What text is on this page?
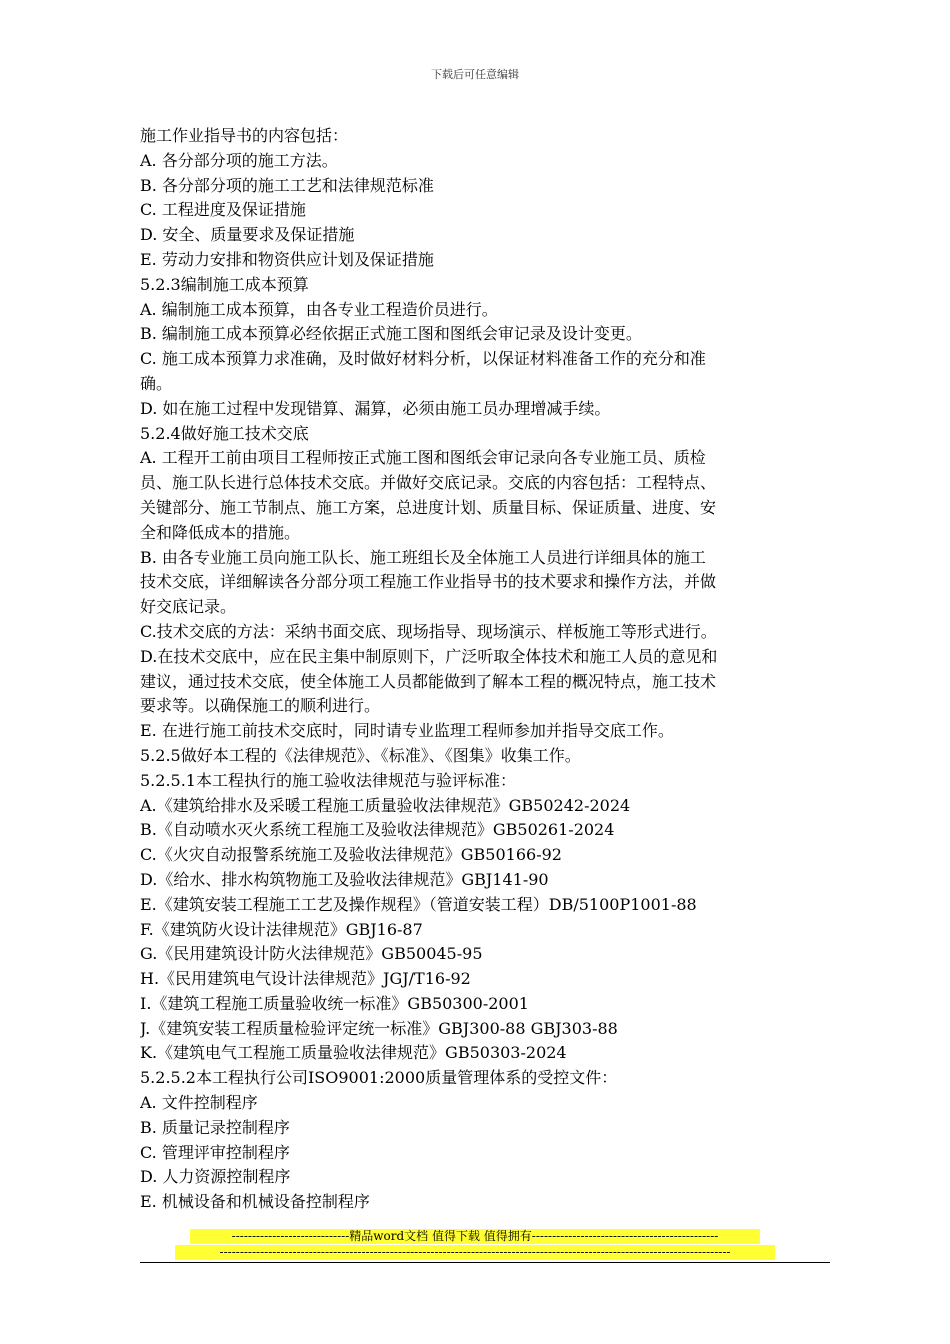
下载后可任意编辑
施工作业指导书的内容包括：
A. 各分部分项的施工方法。
B. 各分部分项的施工工艺和法律规范标准
C. 工程进度及保证措施
D. 安全、质量要求及保证措施
E. 劳动力安排和物资供应计划及保证措施
5.2.3编制施工成本预算
A. 编制施工成本预算，由各专业工程造价员进行。
B. 编制施工成本预算必经依据正式施工图和图纸会审记录及设计变更。
C. 施工成本预算力求准确，及时做好材料分析，以保证材料准备工作的充分和准
确。
D. 如在施工过程中发现错算、漏算，必须由施工员办理增减手续。
5.2.4做好施工技术交底
A. 工程开工前由项目工程师按正式施工图和图纸会审记录向各专业施工员、质检
员、施工队长进行总体技术交底。并做好交底记录。交底的内容包括：工程特点、
关键部分、施工节制点、施工方案，总进度计划、质量目标、保证质量、进度、安
全和降低成本的措施。
B. 由各专业施工员向施工队长、施工班组长及全体施工人员进行详细具体的施工
技术交底，详细解读各分部分项工程施工作业指导书的技术要求和操作方法，并做
好交底记录。
C.技术交底的方法：采纳书面交底、现场指导、现场演示、样板施工等形式进行。
D.在技术交底中，应在民主集中制原则下，广泛听取全体技术和施工人员的意见和
建议，通过技术交底，使全体施工人员都能做到了解本工程的概况特点，施工技术
要求等。以确保施工的顺利进行。
E. 在进行施工前技术交底时，同时请专业监理工程师参加并指导交底工作。
5.2.5做好本工程的《法律规范》、《标准》、《图集》收集工作。
5.2.5.1本工程执行的施工验收法律规范与验评标准：
A.《建筑给排水及采暖工程施工质量验收法律规范》GB50242-2024
B.《自动喷水灭火系统工程施工及验收法律规范》GB50261-2024
C.《火灾自动报警系统施工及验收法律规范》GB50166-92
D.《给水、排水构筑物施工及验收法律规范》GBJ141-90
E.《建筑安装工程施工工艺及操作规程》（管道安装工程）DB/5100P1001-88
F.《建筑防火设计法律规范》GBJ16-87
G.《民用建筑设计防火法律规范》GB50045-95
H.《民用建筑电气设计法律规范》JGJ/T16-92
I.《建筑工程施工质量验收统一标准》GB50300-2001
J.《建筑安装工程质量检验评定统一标准》GBJ300-88 GBJ303-88
K.《建筑电气工程施工质量验收法律规范》GB50303-2024
5.2.5.2本工程执行公司ISO9001:2000质量管理体系的受控文件：
A. 文件控制程序
B. 质量记录控制程序
C. 管理评审控制程序
D. 人力资源控制程序
E. 机械设备和机械设备控制程序
-----------------------------精品word文档 值得下载 值得拥有----------------------------------------------
------------------------------------------------------------------------------------------------------------------------------
